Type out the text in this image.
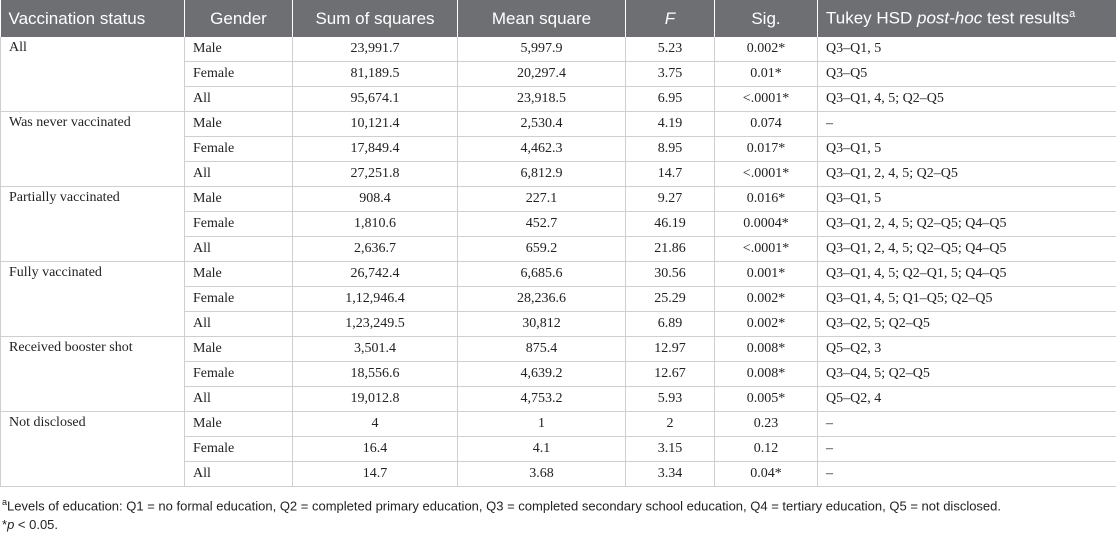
Vaccination status	Gender	Sum of squares	Mean square	F	Sig.	Tukey HSD post-hoc test results$^a$
All	Male	23,991.7	5,997.9	5.23	0.002*	Q3–Q1, 5
	Female	81,189.5	20,297.4	3.75	0.01*	Q3–Q5
	All	95,674.1	23,918.5	6.95	<.0001*	Q3–Q1, 4, 5; Q2–Q5
Was never vaccinated	Male	10,121.4	2,530.4	4.19	0.074	–
	Female	17,849.4	4,462.3	8.95	0.017*	Q3–Q1, 5
	All	27,251.8	6,812.9	14.7	<.0001*	Q3–Q1, 2, 4, 5; Q2–Q5
Partially vaccinated	Male	908.4	227.1	9.27	0.016*	Q3–Q1, 5
	Female	1,810.6	452.7	46.19	0.0004*	Q3–Q1, 2, 4, 5; Q2–Q5; Q4–Q5
	All	2,636.7	659.2	21.86	<.0001*	Q3–Q1, 2, 4, 5; Q2–Q5; Q4–Q5
Fully vaccinated	Male	26,742.4	6,685.6	30.56	0.001*	Q3–Q1, 4, 5; Q2–Q1, 5; Q4–Q5
	Female	1,12,946.4	28,236.6	25.29	0.002*	Q3–Q1, 4, 5; Q1–Q5; Q2–Q5
	All	1,23,249.5	30,812	6.89	0.002*	Q3–Q2, 5; Q2–Q5
Received booster shot	Male	3,501.4	875.4	12.97	0.008*	Q5–Q2, 3
	Female	18,556.6	4,639.2	12.67	0.008*	Q3–Q4, 5; Q2–Q5
	All	19,012.8	4,753.2	5.93	0.005*	Q5–Q2, 4
Not disclosed	Male	4	1	2	0.23	–
	Female	16.4	4.1	3.15	0.12	–
	All	14.7	3.68	3.34	0.04*	–

$^a$Levels of education: Q1 = no formal education, Q2 = completed primary education, Q3 = completed secondary school education, Q4 = tertiary education, Q5 = not disclosed.

*p < 0.05.
